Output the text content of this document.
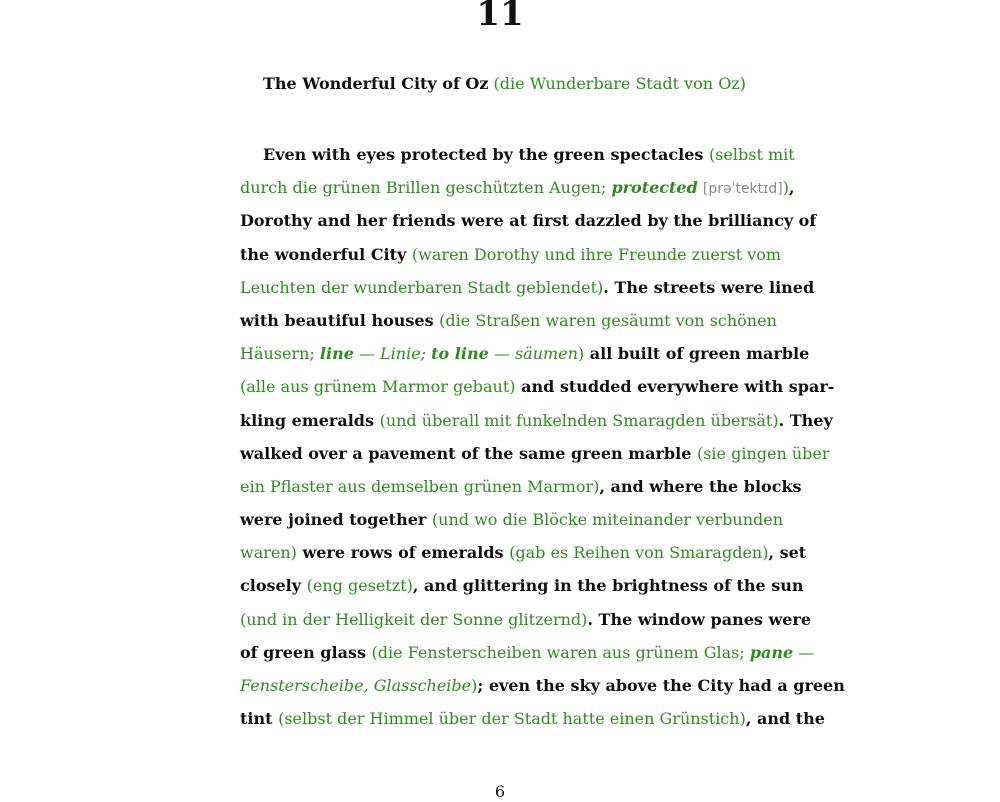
11
The Wonderful City of Oz (die Wunderbare Stadt von Oz)
Even with eyes protected by the green spectacles (selbst mit
durch die grünen Brillen geschützten Augen; protected [prəˈtektɪd]),
Dorothy and her friends were at first dazzled by the brilliancy of
the wonderful City (waren Dorothy und ihre Freunde zuerst vom
Leuchten der wunderbaren Stadt geblendet). The streets were lined
with beautiful houses (die Straßen waren gesäumt von schönen
Häusern; line — Linie; to line — säumen) all built of green marble
(alle aus grünem Marmor gebaut) and studded everywhere with spar-
kling emeralds (und überall mit funkelnden Smaragden übersät). They
walked over a pavement of the same green marble (sie gingen über
ein Pflaster aus demselben grünen Marmor), and where the blocks
were joined together (und wo die Blöcke miteinander verbunden
waren) were rows of emeralds (gab es Reihen von Smaragden), set
closely (eng gesetzt), and glittering in the brightness of the sun
(und in der Helligkeit der Sonne glitzernd). The window panes were
of green glass (die Fensterscheiben waren aus grünem Glas; pane —
Fensterscheibe, Glasscheibe); even the sky above the City had a green
tint (selbst der Himmel über der Stadt hatte einen Grünstich), and the
6
